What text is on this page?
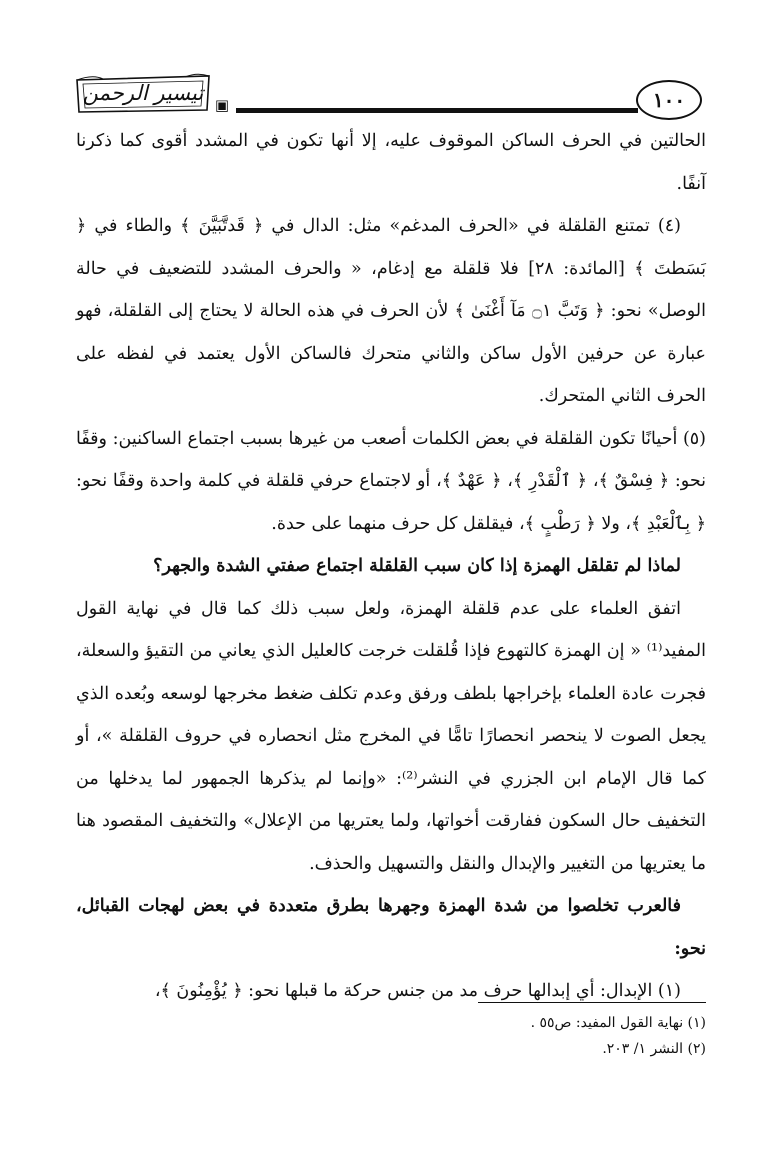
تيسير الرحمن ▣	١٠٠

الحالتين في الحرف الساكن الموقوف عليه، إلا أنها تكون في المشدد أقوى كما ذكرنا آنفًا.

(٤) تمتنع القلقلة في «الحرف المدغم» مثل: الدال في ﴿ قَدتَّبَيَّنَ ﴾ والطاء في ﴿ بَسَطتَ ﴾ [المائدة: ٢٨] فلا قلقلة مع إدغام، « والحرف المشدد للتضعيف في حالة الوصل» نحو: ﴿ وَتَبَّ ۝١ مَآ أَغْنَىٰ ﴾ لأن الحرف في هذه الحالة لا يحتاج إلى القلقلة، فهو عبارة عن حرفين الأول ساكن والثاني متحرك فالساكن الأول يعتمد في لفظه على الحرف الثاني المتحرك.

(٥) أحيانًا تكون القلقلة في بعض الكلمات أصعب من غيرها بسبب اجتماع الساكنين: وقفًا نحو: ﴿ فِسْقٌ ﴾، ﴿ ٱلْقَدْرِ ﴾، ﴿ عَهْدٌ ﴾، أو لاجتماع حرفي قلقلة في كلمة واحدة وقفًا نحو: ﴿ بِٱلْعَبْدِ ﴾، ولا ﴿ رَطْبٍ ﴾، فيقلقل كل حرف منهما على حدة.

لماذا لم تقلقل الهمزة إذا كان سبب القلقلة اجتماع صفتي الشدة والجهر؟

اتفق العلماء على عدم قلقلة الهمزة، ولعل سبب ذلك كما قال في نهاية القول المفيد⁽¹⁾ « إن الهمزة كالتهوع فإذا قُلقلت خرجت كالعليل الذي يعاني من التقيؤ والسعلة، فجرت عادة العلماء بإخراجها بلطف ورفق وعدم تكلف ضغط مخرجها لوسعه وبُعده الذي يجعل الصوت لا ينحصر انحصارًا تامًّا في المخرج مثل انحصاره في حروف القلقلة »، أو كما قال الإمام ابن الجزري في النشر⁽²⁾: «وإنما لم يذكرها الجمهور لما يدخلها من التخفيف حال السكون ففارقت أخواتها، ولما يعتريها من الإعلال» والتخفيف المقصود هنا ما يعتريها من التغيير والإبدال والنقل والتسهيل والحذف.

فالعرب تخلصوا من شدة الهمزة وجهرها بطرق متعددة في بعض لهجات القبائل، نحو:

(١) الإبدال: أي إبدالها حرف مد من جنس حركة ما قبلها نحو: ﴿ يُؤْمِنُونَ ﴾،

(١) نهاية القول المفيد: ص٥٥ .
(٢) النشر ١/ ٢٠٣.
